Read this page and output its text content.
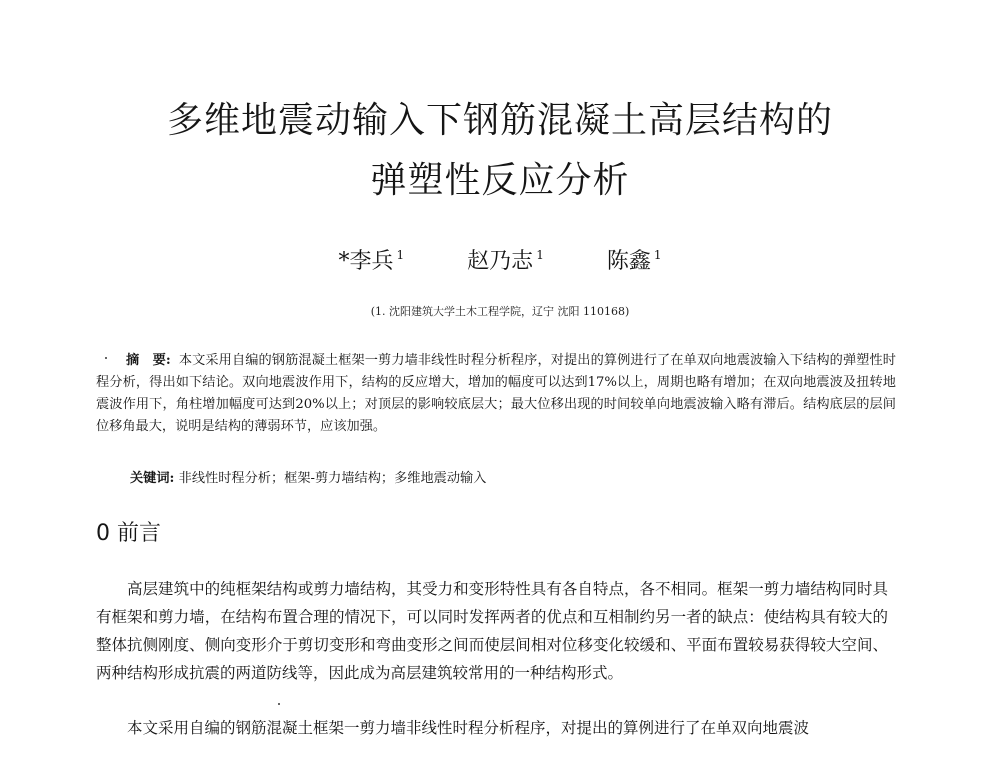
多维地震动输入下钢筋混凝土高层结构的
弹塑性反应分析
*李兵 $^1$	赵乃志 $^1$	陈鑫 $^1$
(1. 沈阳建筑大学土木工程学院，辽宁 沈阳 110168)
摘　要: 本文采用自编的钢筋混凝土框架一剪力墙非线性时程分析程序，对提出的算例进行了在单双向地震波输入下结构的弹塑性时程分析，得出如下结论。双向地震波作用下，结构的反应增大，增加的幅度可以达到17%以上，周期也略有增加；在双向地震波及扭转地震波作用下，角柱增加幅度可达到20%以上；对顶层的影响较底层大；最大位移出现的时间较单向地震波输入略有滞后。结构底层的层间位移角最大，说明是结构的薄弱环节，应该加强。
关键词: 非线性时程分析；框架-剪力墙结构；多维地震动输入
0 前言

高层建筑中的纯框架结构或剪力墙结构，其受力和变形特性具有各自特点，各不相同。框架一剪力墙结构同时具有框架和剪力墙，在结构布置合理的情况下，可以同时发挥两者的优点和互相制约另一者的缺点：使结构具有较大的整体抗侧刚度、侧向变形介于剪切变形和弯曲变形之间而使层间相对位移变化较缓和、平面布置较易获得较大空间、两种结构形成抗震的两道防线等，因此成为高层建筑较常用的一种结构形式。

本文采用自编的钢筋混凝土框架一剪力墙非线性时程分析程序，对提出的算例进行了在单双向地震波
